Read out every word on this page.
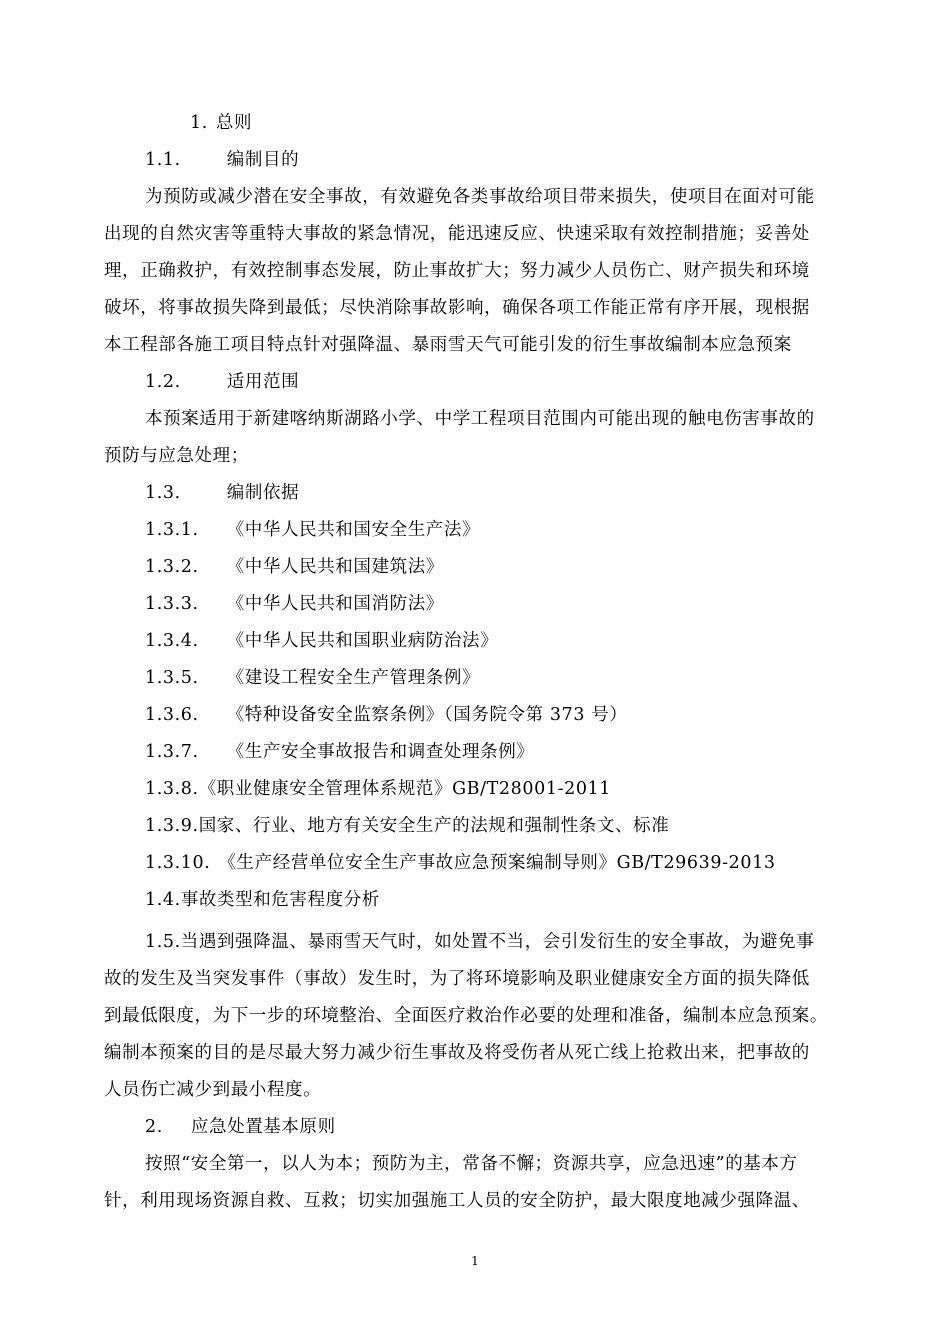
1. 总则
1.1.	编制目的
为预防或减少潜在安全事故，有效避免各类事故给项目带来损失，使项目在面对可能
出现的自然灾害等重特大事故的紧急情况，能迅速反应、快速采取有效控制措施；妥善处
理，正确救护，有效控制事态发展，防止事故扩大；努力减少人员伤亡、财产损失和环境
破坏，将事故损失降到最低；尽快消除事故影响，确保各项工作能正常有序开展，现根据
本工程部各施工项目特点针对强降温、暴雨雪天气可能引发的衍生事故编制本应急预案
1.2.	适用范围
本预案适用于新建喀纳斯湖路小学、中学工程项目范围内可能出现的触电伤害事故的
预防与应急处理；
1.3.	编制依据
1.3.1. 《中华人民共和国安全生产法》
1.3.2. 《中华人民共和国建筑法》
1.3.3. 《中华人民共和国消防法》
1.3.4. 《中华人民共和国职业病防治法》
1.3.5. 《建设工程安全生产管理条例》
1.3.6. 《特种设备安全监察条例》（国务院令第 373 号）
1.3.7. 《生产安全事故报告和调查处理条例》
1.3.8.《职业健康安全管理体系规范》GB/T28001-2011
1.3.9.国家、行业、地方有关安全生产的法规和强制性条文、标准
1.3.10. 《生产经营单位安全生产事故应急预案编制导则》GB/T29639-2013
1.4.事故类型和危害程度分析
1.5.当遇到强降温、暴雨雪天气时，如处置不当，会引发衍生的安全事故，为避免事
故的发生及当突发事件（事故）发生时，为了将环境影响及职业健康安全方面的损失降低
到最低限度，为下一步的环境整治、全面医疗救治作必要的处理和准备，编制本应急预案。
编制本预案的目的是尽最大努力减少衍生事故及将受伤者从死亡线上抢救出来，把事故的
人员伤亡减少到最小程度。
2. 应急处置基本原则
按照“安全第一，以人为本；预防为主，常备不懈；资源共享，应急迅速”的基本方
针，利用现场资源自救、互救；切实加强施工人员的安全防护，最大限度地减少强降温、
1
